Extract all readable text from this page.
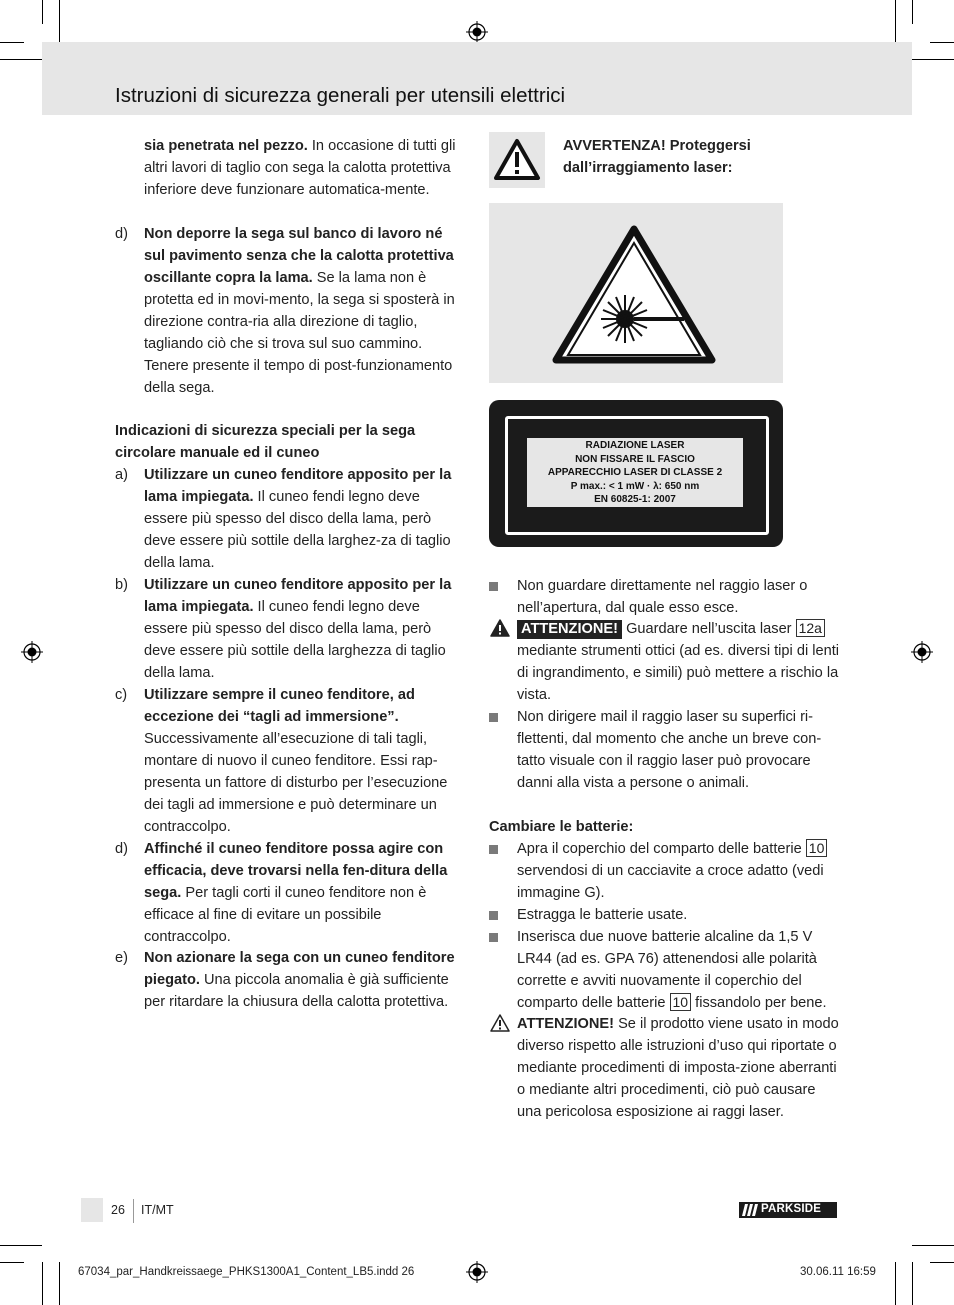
Istruzioni di sicurezza generali per utensili elettrici
sia penetrata nel pezzo. In occasione di tutti gli altri lavori di taglio con sega la calotta protettiva inferiore deve funzionare automatica-mente.
d) Non deporre la sega sul banco di lavoro né sul pavimento senza che la calotta protettiva oscillante copra la lama. Se la lama non è protetta ed in movi-mento, la sega si sposterà in direzione contra-ria alla direzione di taglio, tagliando ciò che si trova sul suo cammino. Tenere presente il tempo di post-funzionamento della sega.
Indicazioni di sicurezza speciali per la sega circolare manuale ed il cuneo
a) Utilizzare un cuneo fenditore apposito per la lama impiegata. Il cuneo fendi legno deve essere più spesso del disco della lama, però deve essere più sottile della larghez-za di taglio della lama.
b) Utilizzare un cuneo fenditore apposito per la lama impiegata. Il cuneo fendi legno deve essere più spesso del disco della lama, però deve essere più sottile della larghezza di taglio della lama.
c) Utilizzare sempre il cuneo fenditore, ad eccezione dei “tagli ad immersione”. Successivamente all’esecuzione di tali tagli, montare di nuovo il cuneo fenditore. Essi rap-presenta un fattore di disturbo per l’esecuzione dei tagli ad immersione e può determinare un contraccolpo.
d) Affinché il cuneo fenditore possa agire con efficacia, deve trovarsi nella fen-ditura della sega. Per tagli corti il cuneo fenditore non è efficace al fine di evitare un possibile contraccolpo.
e) Non azionare la sega con un cuneo fenditore piegato. Una piccola anomalia è già sufficiente per ritardare la chiusura della calotta protettiva.
AVVERTENZA! Proteggersi dall’irraggiamento laser:
RADIAZIONE LASER
NON FISSARE IL FASCIO
APPARECCHIO LASER DI CLASSE 2
P max.: < 1 mW · λ: 650 nm
EN 60825-1: 2007
Non guardare direttamente nel raggio laser o nell’apertura, dal quale esso esce.
ATTENZIONE! Guardare nell’uscita laser 12a mediante strumenti ottici (ad es. diversi tipi di lenti di ingrandimento, e simili) può mettere a rischio la vista.
Non dirigere mail il raggio laser su superfici ri-flettenti, dal momento che anche un breve con-tatto visuale con il raggio laser può provocare danni alla vista a persone o animali.
Cambiare le batterie:
Apra il coperchio del comparto delle batterie 10 servendosi di un cacciavite a croce adatto (vedi immagine G).
Estragga le batterie usate.
Inserisca due nuove batterie alcaline da 1,5 V LR44 (ad es. GPA 76) attenendosi alle polarità corrette e avviti nuovamente il coperchio del comparto delle batterie 10 fissandolo per bene.
ATTENZIONE! Se il prodotto viene usato in modo diverso rispetto alle istruzioni d’uso qui riportate o mediante procedimenti di imposta-zione aberranti o mediante altri procedimenti, ciò può causare una pericolosa esposizione ai raggi laser.
26 IT/MT	PARKSIDE
67034_par_Handkreissaege_PHKS1300A1_Content_LB5.indd 26	30.06.11 16:59
